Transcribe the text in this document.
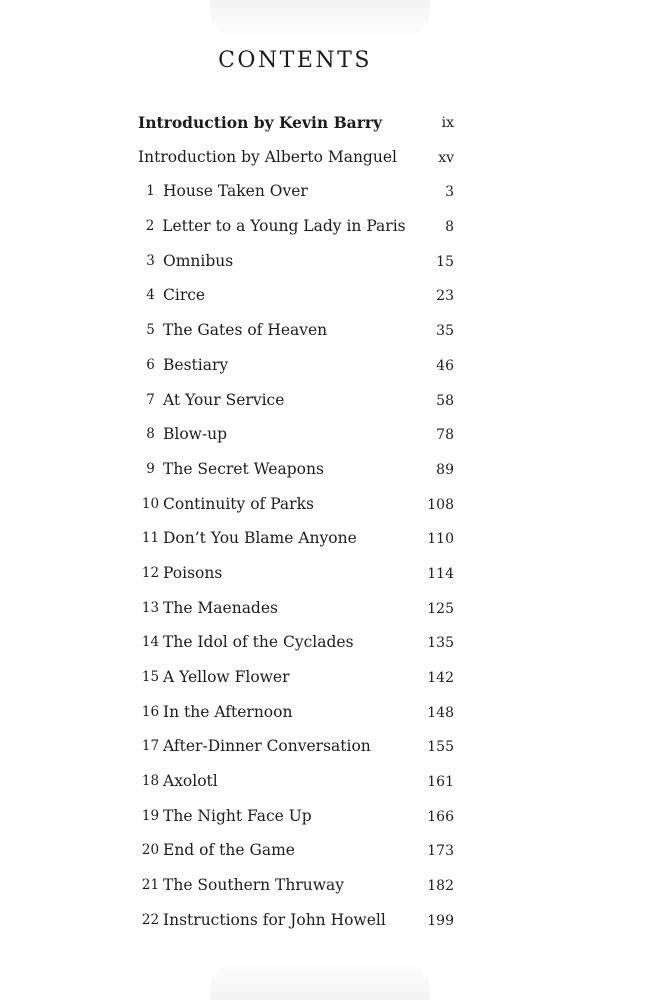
CONTENTS
Introduction by Kevin Barry	ix
Introduction by Alberto Manguel	xv
1 House Taken Over	3
2 Letter to a Young Lady in Paris	8
3 Omnibus	15
4 Circe	23
5 The Gates of Heaven	35
6 Bestiary	46
7 At Your Service	58
8 Blow-up	78
9 The Secret Weapons	89
10 Continuity of Parks	108
11 Don’t You Blame Anyone	110
12 Poisons	114
13 The Maenades	125
14 The Idol of the Cyclades	135
15 A Yellow Flower	142
16 In the Afternoon	148
17 After-Dinner Conversation	155
18 Axolotl	161
19 The Night Face Up	166
20 End of the Game	173
21 The Southern Thruway	182
22 Instructions for John Howell	199
